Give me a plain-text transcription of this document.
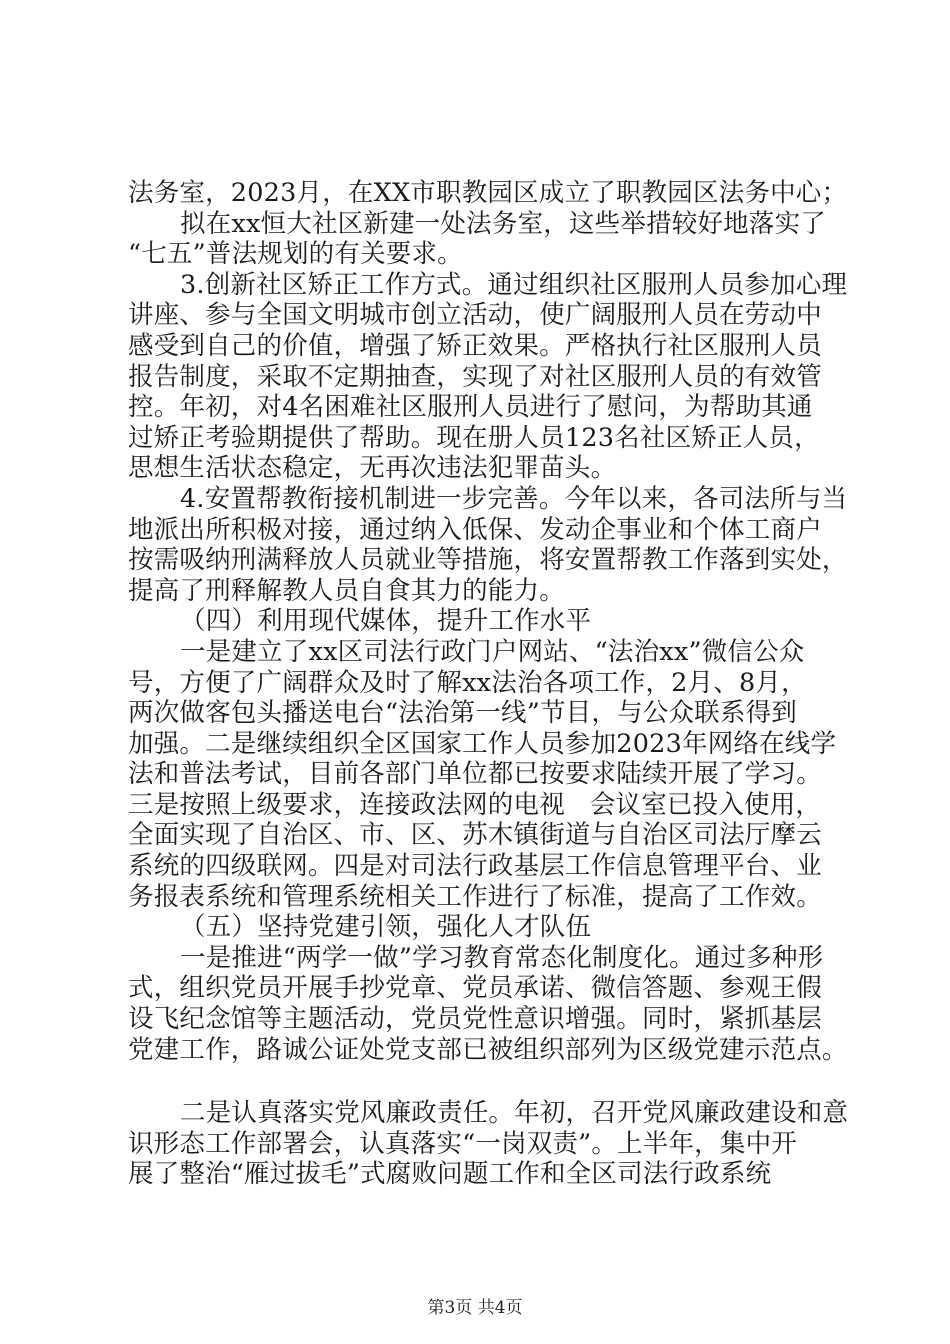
法务室，2023月，在XX市职教园区成立了职教园区法务中心；
拟在xx恒大社区新建一处法务室，这些举措较好地落实了
“七五”普法规划的有关要求。
3.创新社区矫正工作方式。通过组织社区服刑人员参加心理
讲座、参与全国文明城市创立活动，使广阔服刑人员在劳动中
感受到自己的价值，增强了矫正效果。严格执行社区服刑人员
报告制度，采取不定期抽查，实现了对社区服刑人员的有效管
控。年初，对4名困难社区服刑人员进行了慰问，为帮助其通
过矫正考验期提供了帮助。现在册人员123名社区矫正人员，
思想生活状态稳定，无再次违法犯罪苗头。
4.安置帮教衔接机制进一步完善。今年以来，各司法所与当
地派出所积极对接，通过纳入低保、发动企事业和个体工商户
按需吸纳刑满释放人员就业等措施，将安置帮教工作落到实处，
提高了刑释解教人员自食其力的能力。
（四）利用现代媒体，提升工作水平
一是建立了xx区司法行政门户网站、“法治xx”微信公众
号，方便了广阔群众及时了解xx法治各项工作，2月、8月，
两次做客包头播送电台“法治第一线”节目，与公众联系得到
加强。二是继续组织全区国家工作人员参加2023年网络在线学
法和普法考试，目前各部门单位都已按要求陆续开展了学习。
三是按照上级要求，连接政法网的电视   会议室已投入使用，
全面实现了自治区、市、区、苏木镇街道与自治区司法厅摩云
系统的四级联网。四是对司法行政基层工作信息管理平台、业
务报表系统和管理系统相关工作进行了标准，提高了工作效。
（五）坚持党建引领，强化人才队伍
一是推进“两学一做”学习教育常态化制度化。通过多种形
式，组织党员开展手抄党章、党员承诺、微信答题、参观王假
设飞纪念馆等主题活动，党员党性意识增强。同时，紧抓基层
党建工作，路诚公证处党支部已被组织部列为区级党建示范点。
二是认真落实党风廉政责任。年初，召开党风廉政建设和意
识形态工作部署会，认真落实“一岗双责”。上半年，集中开
展了整治“雁过拔毛”式腐败问题工作和全区司法行政系统
第3页 共4页
